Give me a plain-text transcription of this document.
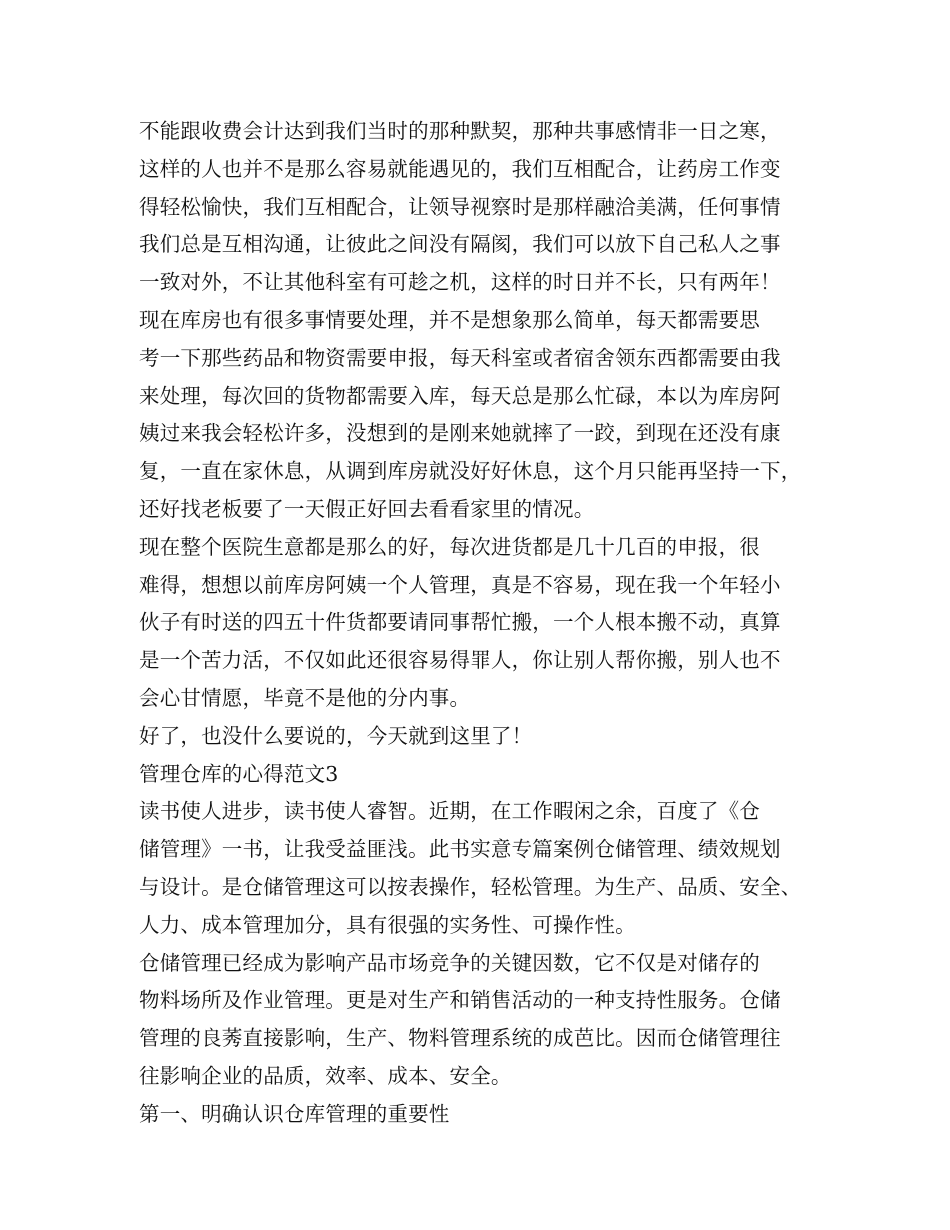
不能跟收费会计达到我们当时的那种默契，那种共事感情非一日之寒，
这样的人也并不是那么容易就能遇见的，我们互相配合，让药房工作变
得轻松愉快，我们互相配合，让领导视察时是那样融洽美满，任何事情
我们总是互相沟通，让彼此之间没有隔阂，我们可以放下自己私人之事
一致对外，不让其他科室有可趁之机，这样的时日并不长，只有两年！
现在库房也有很多事情要处理，并不是想象那么简单，每天都需要思
考一下那些药品和物资需要申报，每天科室或者宿舍领东西都需要由我
来处理，每次回的货物都需要入库，每天总是那么忙碌，本以为库房阿
姨过来我会轻松许多，没想到的是刚来她就摔了一跤，到现在还没有康
复，一直在家休息，从调到库房就没好好休息，这个月只能再坚持一下，
还好找老板要了一天假正好回去看看家里的情况。
现在整个医院生意都是那么的好，每次进货都是几十几百的申报，很
难得，想想以前库房阿姨一个人管理，真是不容易，现在我一个年轻小
伙子有时送的四五十件货都要请同事帮忙搬，一个人根本搬不动，真算
是一个苦力活，不仅如此还很容易得罪人，你让别人帮你搬，别人也不
会心甘情愿，毕竟不是他的分内事。
好了，也没什么要说的，今天就到这里了！
管理仓库的心得范文3
读书使人进步，读书使人睿智。近期，在工作暇闲之余，百度了《仓
储管理》一书，让我受益匪浅。此书实意专篇案例仓储管理、绩效规划
与设计。是仓储管理这可以按表操作，轻松管理。为生产、品质、安全、
人力、成本管理加分，具有很强的实务性、可操作性。
仓储管理已经成为影响产品市场竞争的关键因数，它不仅是对储存的
物料场所及作业管理。更是对生产和销售活动的一种支持性服务。仓储
管理的良莠直接影响，生产、物料管理系统的成芭比。因而仓储管理往
往影响企业的品质，效率、成本、安全。
第一、明确认识仓库管理的重要性
